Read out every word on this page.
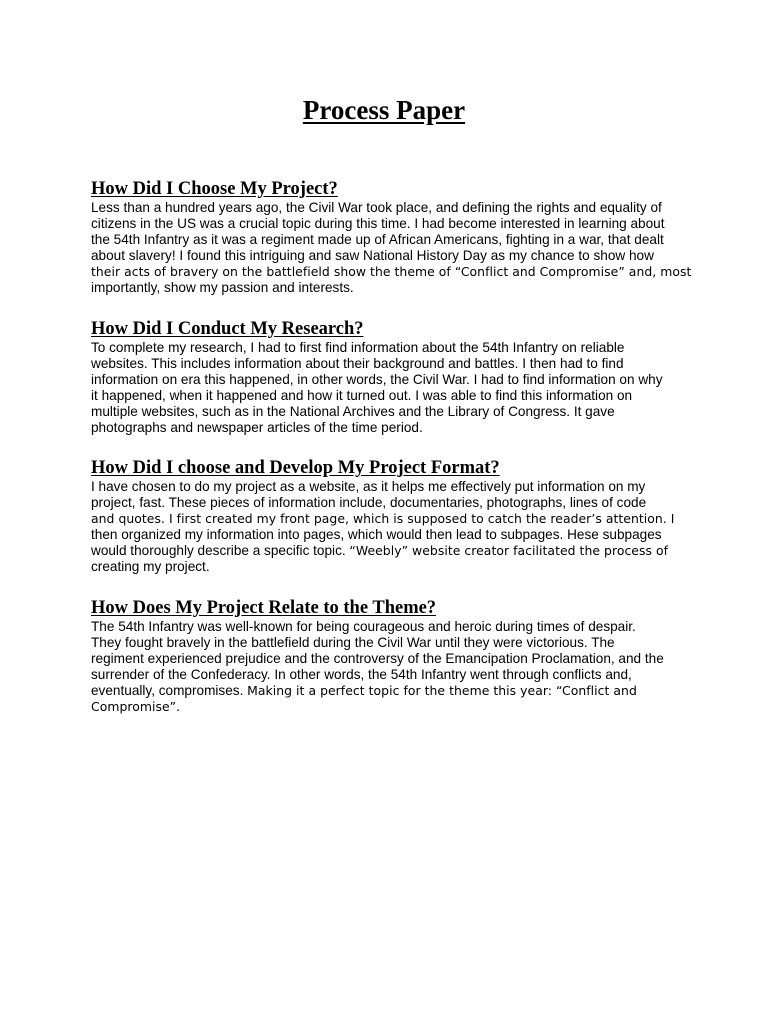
Process Paper
How Did I Choose My Project?
Less than a hundred years ago, the Civil War took place, and defining the rights and equality of
citizens in the US was a crucial topic during this time. I had become interested in learning about
the 54th Infantry as it was a regiment made up of African Americans, fighting in a war, that dealt
about slavery! I found this intriguing and saw National History Day as my chance to show how
their acts of bravery on the battlefield show the theme of “Conflict and Compromise” and, most
importantly, show my passion and interests.
How Did I Conduct My Research?
To complete my research, I had to first find information about the 54th Infantry on reliable
websites. This includes information about their background and battles. I then had to find
information on era this happened, in other words, the Civil War. I had to find information on why
it happened, when it happened and how it turned out. I was able to find this information on
multiple websites, such as in the National Archives and the Library of Congress. It gave
photographs and newspaper articles of the time period.
How Did I choose and Develop My Project Format?
I have chosen to do my project as a website, as it helps me effectively put information on my
project, fast. These pieces of information include, documentaries, photographs, lines of code
and quotes. I first created my front page, which is supposed to catch the reader’s attention. I
then organized my information into pages, which would then lead to subpages. Hese subpages
would thoroughly describe a specific topic. “Weebly” website creator facilitated the process of
creating my project.
How Does My Project Relate to the Theme?
The 54th Infantry was well-known for being courageous and heroic during times of despair.
They fought bravely in the battlefield during the Civil War until they were victorious. The
regiment experienced prejudice and the controversy of the Emancipation Proclamation, and the
surrender of the Confederacy. In other words, the 54th Infantry went through conflicts and,
eventually, compromises. Making it a perfect topic for the theme this year: “Conflict and
Compromise”.
